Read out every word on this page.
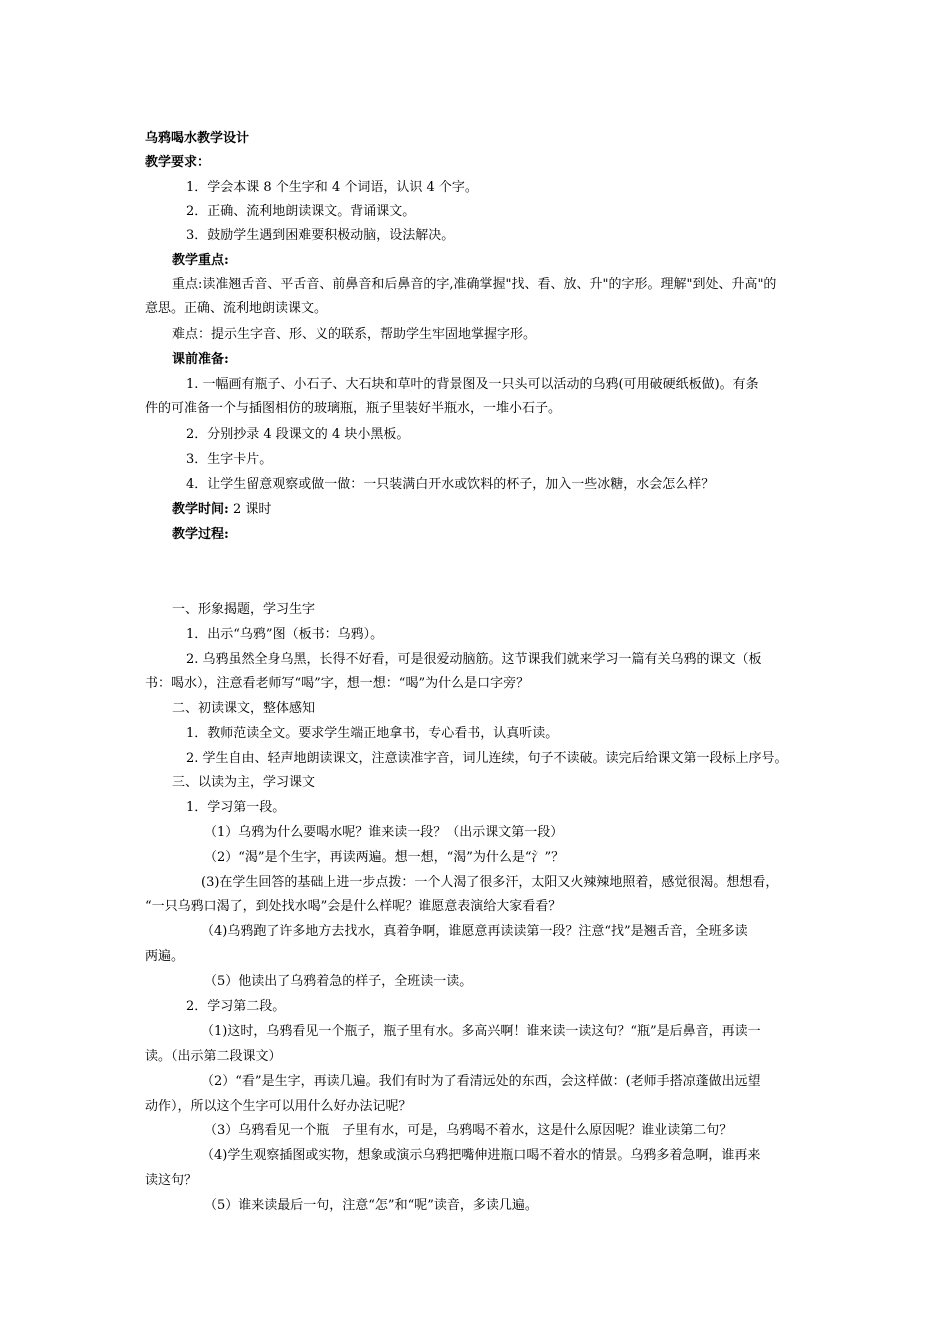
乌鸦喝水教学设计
教学要求：
1．学会本课 8 个生字和 4 个词语，认识 4 个字。
2．正确、流利地朗读课文。背诵课文。
3．鼓励学生遇到困难要积极动脑，设法解决。
教学重点:
重点:读准翘舌音、平舌音、前鼻音和后鼻音的字,准确掌握"找、看、放、升"的字形。理解"到处、升高"的
意思。正确、流利地朗读课文。
难点：提示生字音、形、义的联系，帮助学生牢固地掌握字形。
课前准备:
1. 一幅画有瓶子、小石子、大石块和草叶的背景图及一只头可以活动的乌鸦(可用破硬纸板做)。有条
件的可准备一个与插图相仿的玻璃瓶，瓶子里装好半瓶水，一堆小石子。
2．分别抄录 4 段课文的 4 块小黑板。
3．生字卡片。
4．让学生留意观察或做一做：一只装满白开水或饮料的杯子，加入一些冰糖，水会怎么样？
教学时间: 2 课时
教学过程:
一、形象揭题，学习生字
1．出示“乌鸦”图（板书：乌鸦）。
2. 乌鸦虽然全身乌黑，长得不好看，可是很爱动脑筋。这节课我们就来学习一篇有关乌鸦的课文（板
书：喝水），注意看老师写“喝”字，想一想：“喝”为什么是口字旁？
二、初读课文，整体感知
1．教师范读全文。要求学生端正地拿书，专心看书，认真听读。
2. 学生自由、轻声地朗读课文，注意读准字音，词儿连续，句子不读破。读完后给课文第一段标上序号。
三、以读为主，学习课文
1．学习第一段。
（1）乌鸦为什么要喝水呢？谁来读一段？（出示课文第一段）
（2）“渴”是个生字，再读两遍。想一想，“渴”为什么是“氵”？
(3)在学生回答的基础上进一步点拨：一个人渴了很多汗，太阳又火辣辣地照着，感觉很渴。想想看，
“一只乌鸦口渴了，到处找水喝”会是什么样呢？谁愿意表演给大家看看？
（4)乌鸦跑了许多地方去找水，真着争啊，谁愿意再读读第一段？注意“找”是翘舌音，全班多读
两遍。
（5）他读出了乌鸦着急的样子，全班读一读。
2．学习第二段。
（1)这时，乌鸦看见一个瓶子，瓶子里有水。多高兴啊！谁来读一读这句？“瓶”是后鼻音，再读一
读。（出示第二段课文）
（2）“看”是生字，再读几遍。我们有时为了看清远处的东西，会这样做：(老师手搭凉蓬做出远望
动作），所以这个生字可以用什么好办法记呢？
（3）乌鸦看见一个瓶　子里有水，可是，乌鸦喝不着水，这是什么原因呢？谁业读第二句？
（4)学生观察插图或实物，想象或演示乌鸦把嘴伸进瓶口喝不着水的情景。乌鸦多着急啊，谁再来
读这句？
（5）谁来读最后一句，注意“怎”和“呢”读音，多读几遍。
